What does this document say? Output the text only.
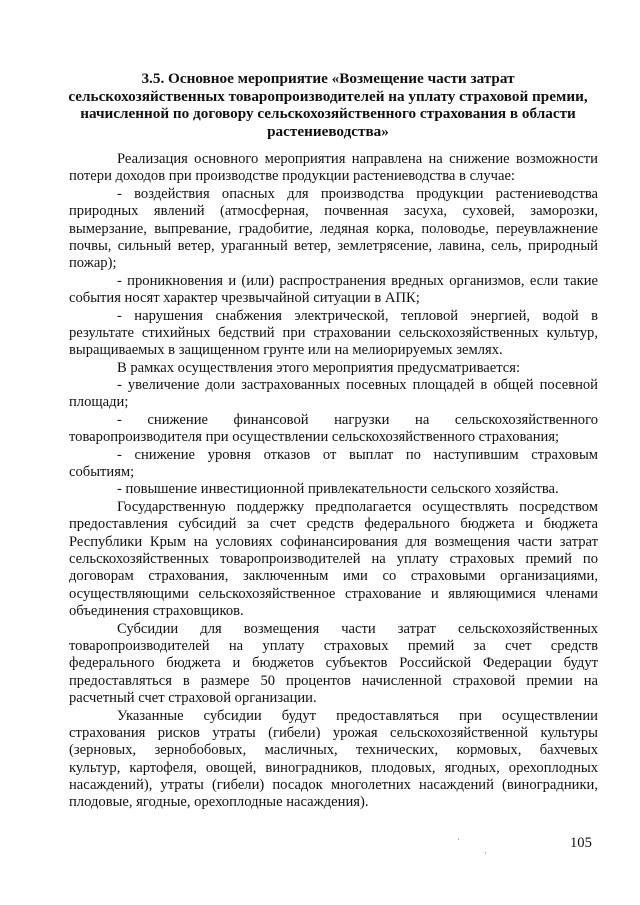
3.5. Основное мероприятие «Возмещение части затрат
сельскохозяйственных товаропроизводителей на уплату страховой премии,
начисленной по договору сельскохозяйственного страхования в области
растениеводства»
Реализация основного мероприятия направлена на снижение возможности
потери доходов при производстве продукции растениеводства в случае:
- воздействия опасных для производства продукции растениеводства
природных явлений (атмосферная, почвенная засуха, суховей, заморозки,
вымерзание, выпревание, градобитие, ледяная корка, половодье, переувлажнение
почвы, сильный ветер, ураганный ветер, землетрясение, лавина, сель, природный
пожар);
- проникновения и (или) распространения вредных организмов, если такие
события носят характер чрезвычайной ситуации в АПК;
- нарушения снабжения электрической, тепловой энергией, водой в
результате стихийных бедствий при страховании сельскохозяйственных культур,
выращиваемых в защищенном грунте или на мелиорируемых землях.
В рамках осуществления этого мероприятия предусматривается:
- увеличение доли застрахованных посевных площадей в общей посевной
площади;
- снижение финансовой нагрузки на сельскохозяйственного
товаропроизводителя при осуществлении сельскохозяйственного страхования;
- снижение уровня отказов от выплат по наступившим страховым
событиям;
- повышение инвестиционной привлекательности сельского хозяйства.
Государственную поддержку предполагается осуществлять посредством
предоставления субсидий за счет средств федерального бюджета и бюджета
Республики Крым на условиях софинансирования для возмещения части затрат
сельскохозяйственных товаропроизводителей на уплату страховых премий по
договорам страхования, заключенным ими со страховыми организациями,
осуществляющими сельскохозяйственное страхование и являющимися членами
объединения страховщиков.
Субсидии для возмещения части затрат сельскохозяйственных
товаропроизводителей на уплату страховых премий за счет средств
федерального бюджета и бюджетов субъектов Российской Федерации будут
предоставляться в размере 50 процентов начисленной страховой премии на
расчетный счет страховой организации.
Указанные субсидии будут предоставляться при осуществлении
страхования рисков утраты (гибели) урожая сельскохозяйственной культуры
(зерновых, зернобобовых, масличных, технических, кормовых, бахчевых
культур, картофеля, овощей, виноградников, плодовых, ягодных, орехоплодных
насаждений), утраты (гибели) посадок многолетних насаждений (виноградники,
плодовые, ягодные, орехоплодные насаждения).
105
